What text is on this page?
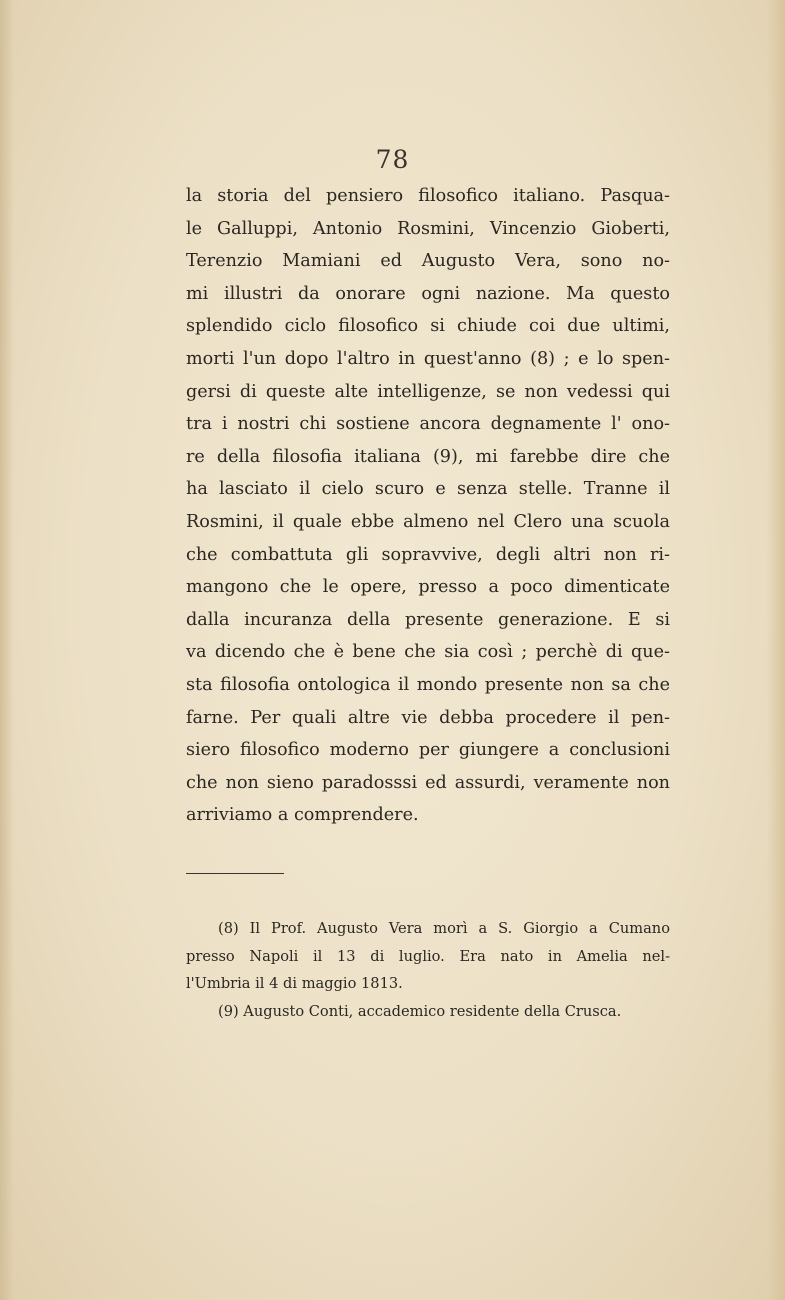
78
la storia del pensiero filosofico italiano. Pasqua-
le Galluppi, Antonio Rosmini, Vincenzio Gioberti,
Terenzio Mamiani ed Augusto Vera, sono no-
mi illustri da onorare ogni nazione. Ma questo
splendido ciclo filosofico si chiude coi due ultimi,
morti l'un dopo l'altro in quest'anno (8) ; e lo spen-
gersi di queste alte intelligenze, se non vedessi qui
tra i nostri chi sostiene ancora degnamente l' ono-
re della filosofia italiana (9), mi farebbe dire che
ha lasciato il cielo scuro e senza stelle. Tranne il
Rosmini, il quale ebbe almeno nel Clero una scuola
che combattuta gli sopravvive, degli altri non ri-
mangono che le opere, presso a poco dimenticate
dalla incuranza della presente generazione. E si
va dicendo che è bene che sia così ; perchè di que-
sta filosofia ontologica il mondo presente non sa che
farne. Per quali altre vie debba procedere il pen-
siero filosofico moderno per giungere a conclusioni
che non sieno paradosssi ed assurdi, veramente non
arriviamo a comprendere.
(8) Il Prof. Augusto Vera morì a S. Giorgio a Cumano
presso Napoli il 13 di luglio. Era nato in Amelia nel-
l'Umbria il 4 di maggio 1813.
(9) Augusto Conti, accademico residente della Crusca.
